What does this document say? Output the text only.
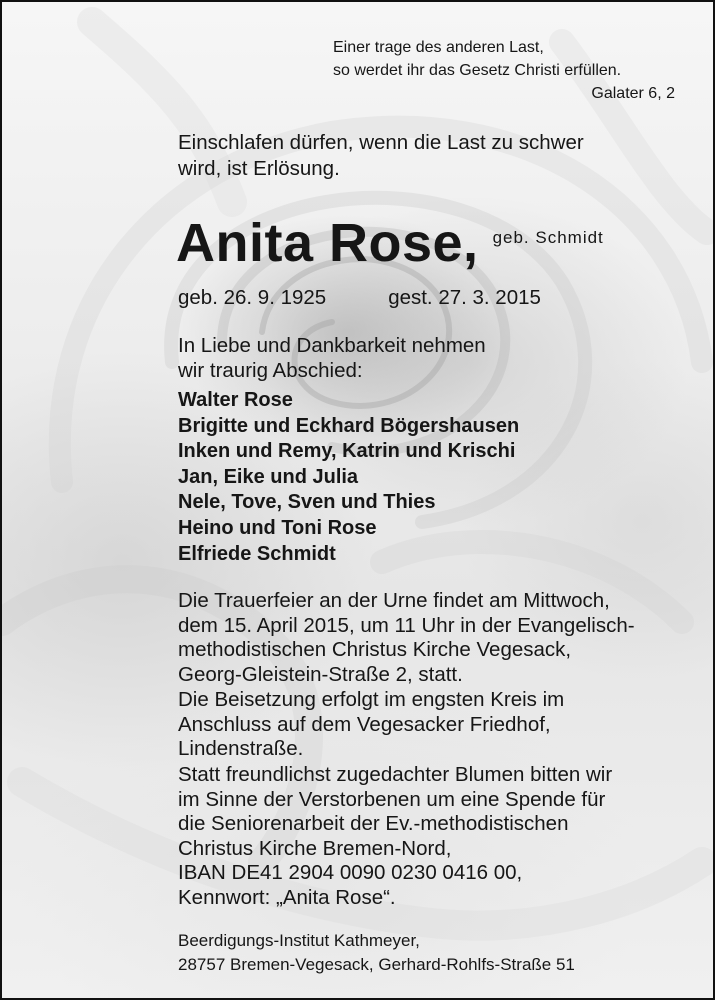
Einer trage des anderen Last,
so werdet ihr das Gesetz Christi erfüllen.
Galater 6, 2

Einschlafen dürfen, wenn die Last zu schwer
wird, ist Erlösung.

Anita Rose, geb. Schmidt

geb. 26. 9. 1925	gest. 27. 3. 2015

In Liebe und Dankbarkeit nehmen
wir traurig Abschied:

Walter Rose
Brigitte und Eckhard Bögershausen
Inken und Remy, Katrin und Krischi
Jan, Eike und Julia
Nele, Tove, Sven und Thies
Heino und Toni Rose
Elfriede Schmidt

Die Trauerfeier an der Urne findet am Mittwoch,
dem 15. April 2015, um 11 Uhr in der Evangelisch-
methodistischen Christus Kirche Vegesack,
Georg-Gleistein-Straße 2, statt.

Die Beisetzung erfolgt im engsten Kreis im
Anschluss auf dem Vegesacker Friedhof,
Lindenstraße.

Statt freundlichst zugedachter Blumen bitten wir
im Sinne der Verstorbenen um eine Spende für
die Seniorenarbeit der Ev.-methodistischen
Christus Kirche Bremen-Nord,
IBAN DE41 2904 0090 0230 0416 00,
Kennwort: „Anita Rose“.

Beerdigungs-Institut Kathmeyer,
28757 Bremen-Vegesack, Gerhard-Rohlfs-Straße 51
